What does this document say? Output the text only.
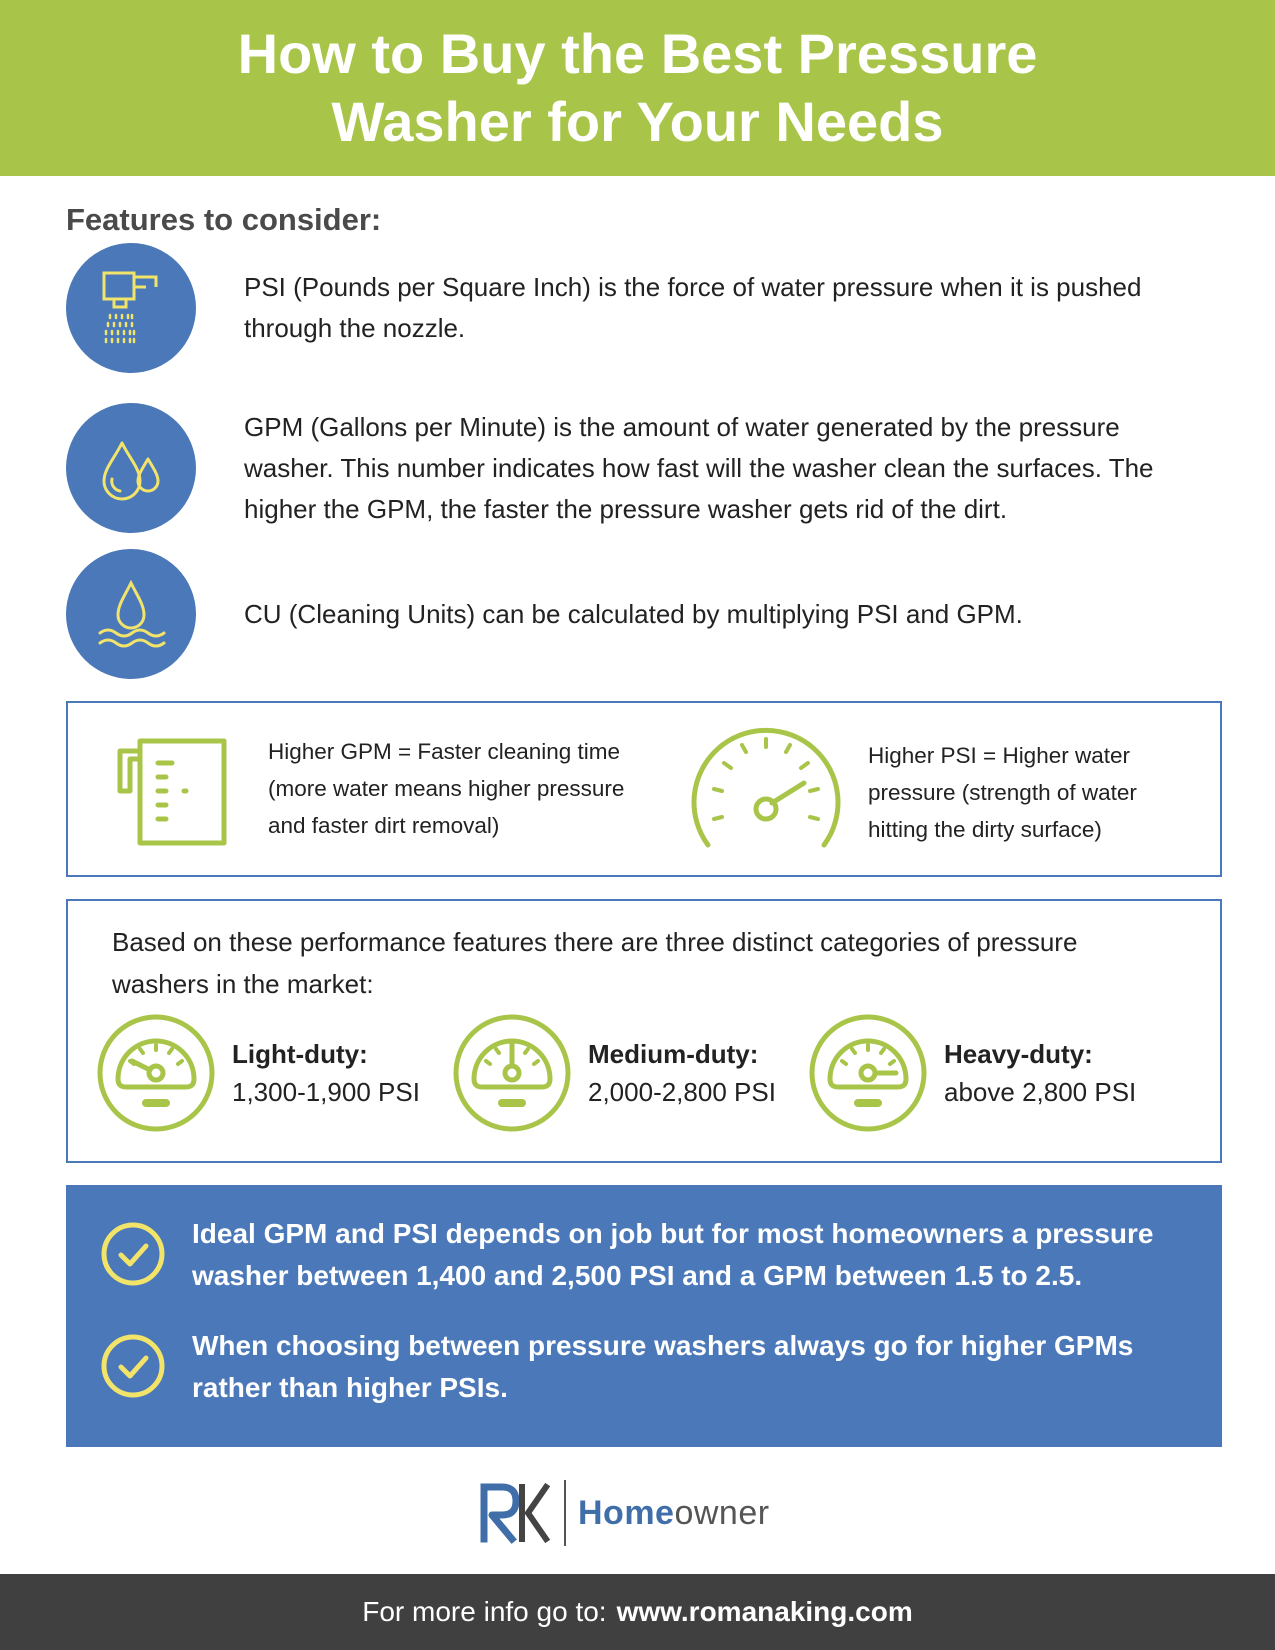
How to Buy the Best Pressure Washer for Your Needs
Features to consider:
PSI (Pounds per Square Inch) is the force of water pressure when it is pushed through the nozzle.
GPM (Gallons per Minute) is the amount of water generated by the pressure washer. This number indicates how fast will the washer clean the surfaces. The higher the GPM, the faster the pressure washer gets rid of the dirt.
CU (Cleaning Units) can be calculated by multiplying PSI and GPM.
Higher GPM = Faster cleaning time (more water means higher pressure and faster dirt removal)
Higher PSI = Higher water pressure (strength of water hitting the dirty surface)
Based on these performance features there are three distinct categories of pressure washers in the market:
Light-duty:
1,300-1,900 PSI
Medium-duty:
2,000-2,800 PSI
Heavy-duty:
above 2,800 PSI
Ideal GPM and PSI depends on job but for most homeowners a pressure washer between 1,400 and 2,500 PSI and a GPM between 1.5 to 2.5.
When choosing between pressure washers always go for higher GPMs rather than higher PSIs.
Homeowner
For more info go to: www.romanaking.com
